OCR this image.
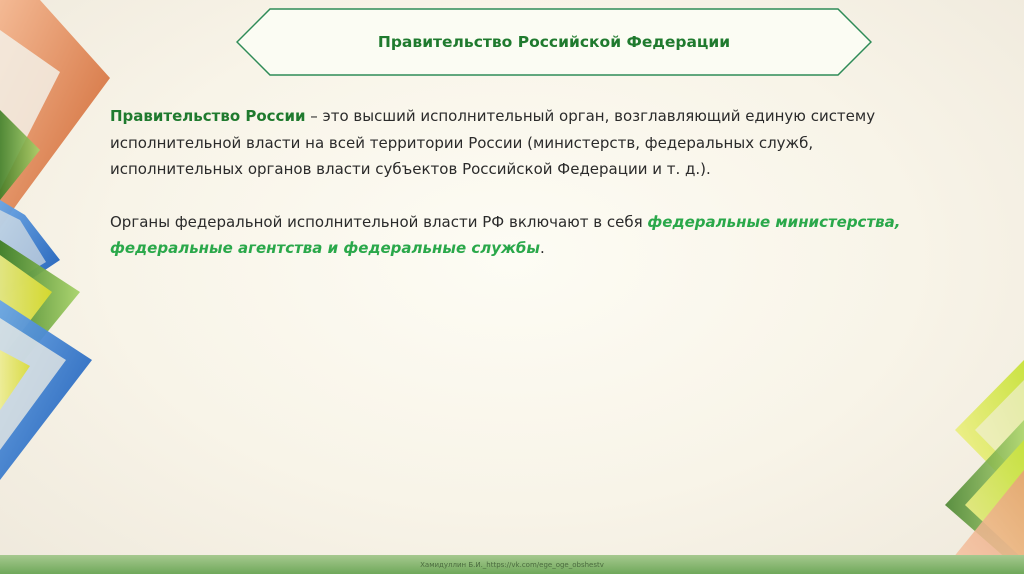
Правительство Российской Федерации

Правительство России – это высший исполнительный орган, возглавляющий единую систему исполнительной власти на всей территории России (министерств, федеральных служб, исполнительных органов власти субъектов Российской Федерации и т. д.).

Органы федеральной исполнительной власти РФ включают в себя федеральные министерства, федеральные агентства и федеральные службы.

Хамидуллин Б.И._https://vk.com/ege_oge_obshestv
